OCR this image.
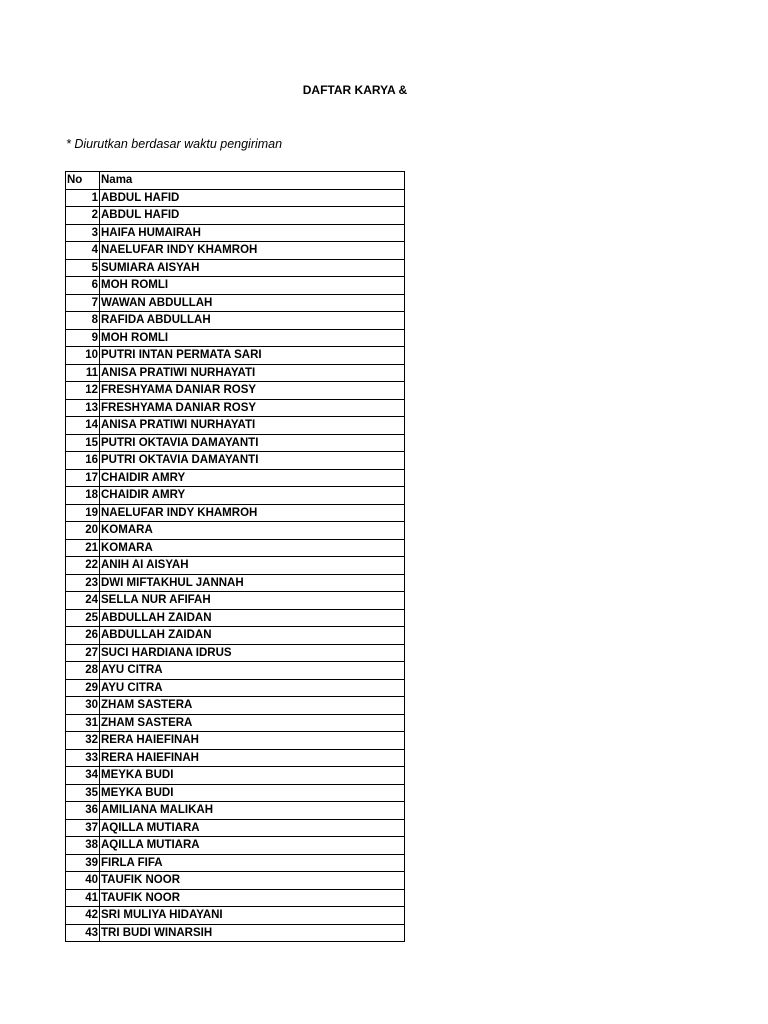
DAFTAR KARYA &
* Diurutkan berdasar waktu pengiriman
No	Nama
1	ABDUL HAFID
2	ABDUL HAFID
3	HAIFA HUMAIRAH
4	NAELUFAR INDY KHAMROH
5	SUMIARA AISYAH
6	MOH ROMLI
7	WAWAN ABDULLAH
8	RAFIDA ABDULLAH
9	MOH ROMLI
10	PUTRI INTAN PERMATA SARI
11	ANISA PRATIWI NURHAYATI
12	FRESHYAMA DANIAR ROSY
13	FRESHYAMA DANIAR ROSY
14	ANISA PRATIWI NURHAYATI
15	PUTRI OKTAVIA DAMAYANTI
16	PUTRI OKTAVIA DAMAYANTI
17	CHAIDIR AMRY
18	CHAIDIR AMRY
19	NAELUFAR INDY KHAMROH
20	KOMARA
21	KOMARA
22	ANIH AI AISYAH
23	DWI MIFTAKHUL JANNAH
24	SELLA NUR AFIFAH
25	ABDULLAH ZAIDAN
26	ABDULLAH ZAIDAN
27	SUCI HARDIANA IDRUS
28	AYU CITRA
29	AYU CITRA
30	ZHAM SASTERA
31	ZHAM SASTERA
32	RERA HAIEFINAH
33	RERA HAIEFINAH
34	MEYKA BUDI
35	MEYKA BUDI
36	AMILIANA MALIKAH
37	AQILLA MUTIARA
38	AQILLA MUTIARA
39	FIRLA FIFA
40	TAUFIK NOOR
41	TAUFIK NOOR
42	SRI MULIYA HIDAYANI
43	TRI BUDI WINARSIH
